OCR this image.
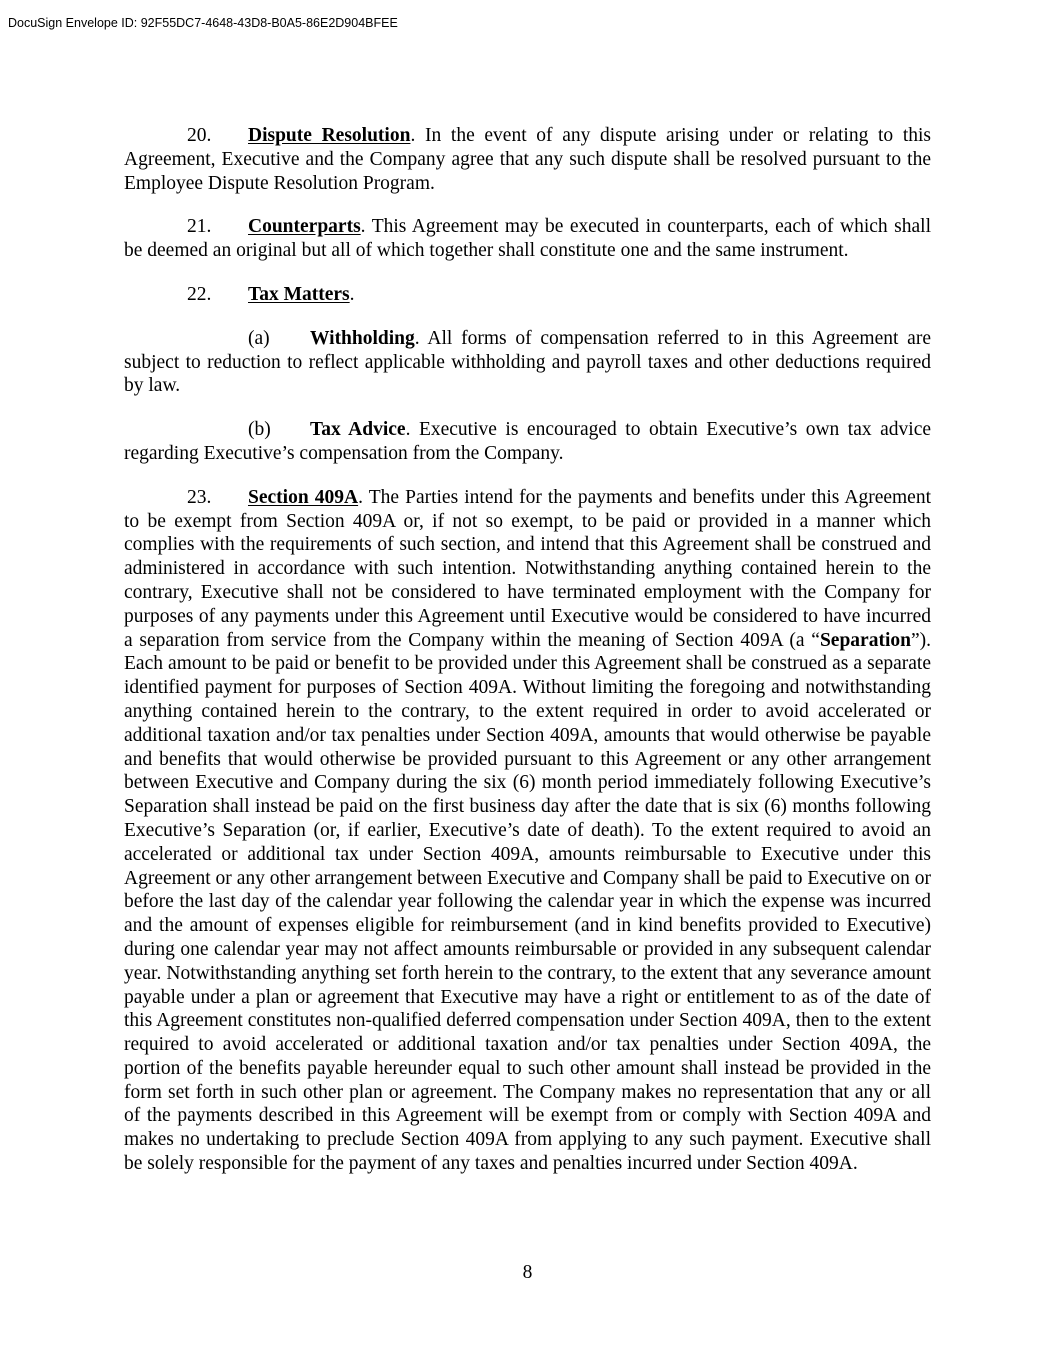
DocuSign Envelope ID: 92F55DC7-4648-43D8-B0A5-86E2D904BFEE

20. Dispute Resolution. In the event of any dispute arising under or relating to this Agreement, Executive and the Company agree that any such dispute shall be resolved pursuant to the Employee Dispute Resolution Program.

21. Counterparts. This Agreement may be executed in counterparts, each of which shall be deemed an original but all of which together shall constitute one and the same instrument.

22. Tax Matters.

(a) Withholding. All forms of compensation referred to in this Agreement are subject to reduction to reflect applicable withholding and payroll taxes and other deductions required by law.

(b) Tax Advice. Executive is encouraged to obtain Executive’s own tax advice regarding Executive’s compensation from the Company.

23. Section 409A. The Parties intend for the payments and benefits under this Agreement to be exempt from Section 409A or, if not so exempt, to be paid or provided in a manner which complies with the requirements of such section, and intend that this Agreement shall be construed and administered in accordance with such intention. Notwithstanding anything contained herein to the contrary, Executive shall not be considered to have terminated employment with the Company for purposes of any payments under this Agreement until Executive would be considered to have incurred a separation from service from the Company within the meaning of Section 409A (a “Separation”). Each amount to be paid or benefit to be provided under this Agreement shall be construed as a separate identified payment for purposes of Section 409A. Without limiting the foregoing and notwithstanding anything contained herein to the contrary, to the extent required in order to avoid accelerated or additional taxation and/or tax penalties under Section 409A, amounts that would otherwise be payable and benefits that would otherwise be provided pursuant to this Agreement or any other arrangement between Executive and Company during the six (6) month period immediately following Executive’s Separation shall instead be paid on the first business day after the date that is six (6) months following Executive’s Separation (or, if earlier, Executive’s date of death). To the extent required to avoid an accelerated or additional tax under Section 409A, amounts reimbursable to Executive under this Agreement or any other arrangement between Executive and Company shall be paid to Executive on or before the last day of the calendar year following the calendar year in which the expense was incurred and the amount of expenses eligible for reimbursement (and in kind benefits provided to Executive) during one calendar year may not affect amounts reimbursable or provided in any subsequent calendar year. Notwithstanding anything set forth herein to the contrary, to the extent that any severance amount payable under a plan or agreement that Executive may have a right or entitlement to as of the date of this Agreement constitutes non-qualified deferred compensation under Section 409A, then to the extent required to avoid accelerated or additional taxation and/or tax penalties under Section 409A, the portion of the benefits payable hereunder equal to such other amount shall instead be provided in the form set forth in such other plan or agreement. The Company makes no representation that any or all of the payments described in this Agreement will be exempt from or comply with Section 409A and makes no undertaking to preclude Section 409A from applying to any such payment. Executive shall be solely responsible for the payment of any taxes and penalties incurred under Section 409A.

8
